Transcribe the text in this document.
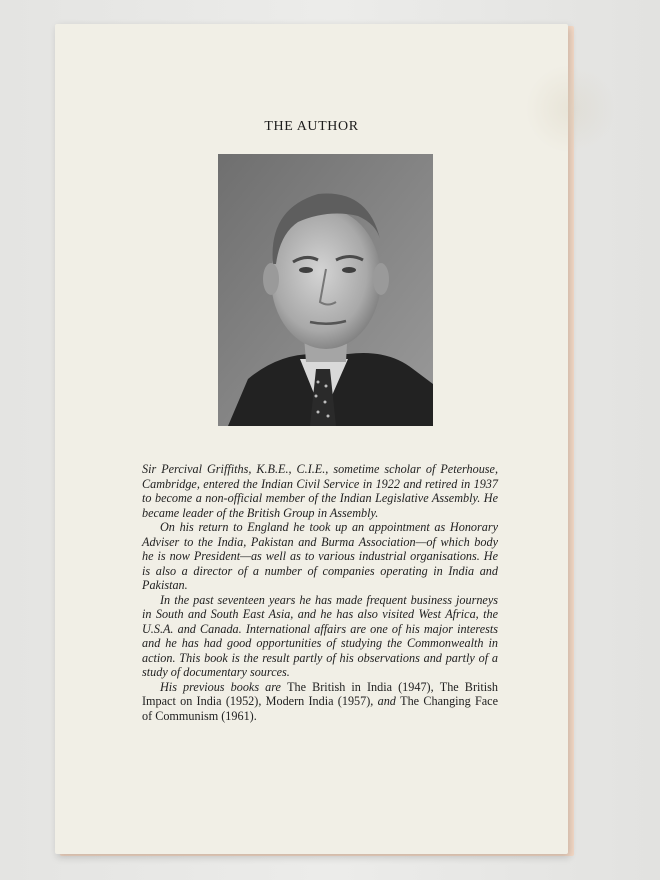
THE AUTHOR

Sir Percival Griffiths, K.B.E., C.I.E., sometime scholar of Peterhouse, Cambridge, entered the Indian Civil Service in 1922 and retired in 1937 to become a non-official member of the Indian Legislative Assembly. He became leader of the British Group in Assembly.

On his return to England he took up an appointment as Honorary Adviser to the India, Pakistan and Burma Association—of which body he is now President—as well as to various industrial organisations. He is also a director of a number of companies operating in India and Pakistan.

In the past seventeen years he has made frequent business journeys in South and South East Asia, and he has also visited West Africa, the U.S.A. and Canada. International affairs are one of his major interests and he has had good opportunities of studying the Commonwealth in action. This book is the result partly of his observations and partly of a study of documentary sources.

His previous books are The British in India (1947), The British Impact on India (1952), Modern India (1957), and The Changing Face of Communism (1961).
